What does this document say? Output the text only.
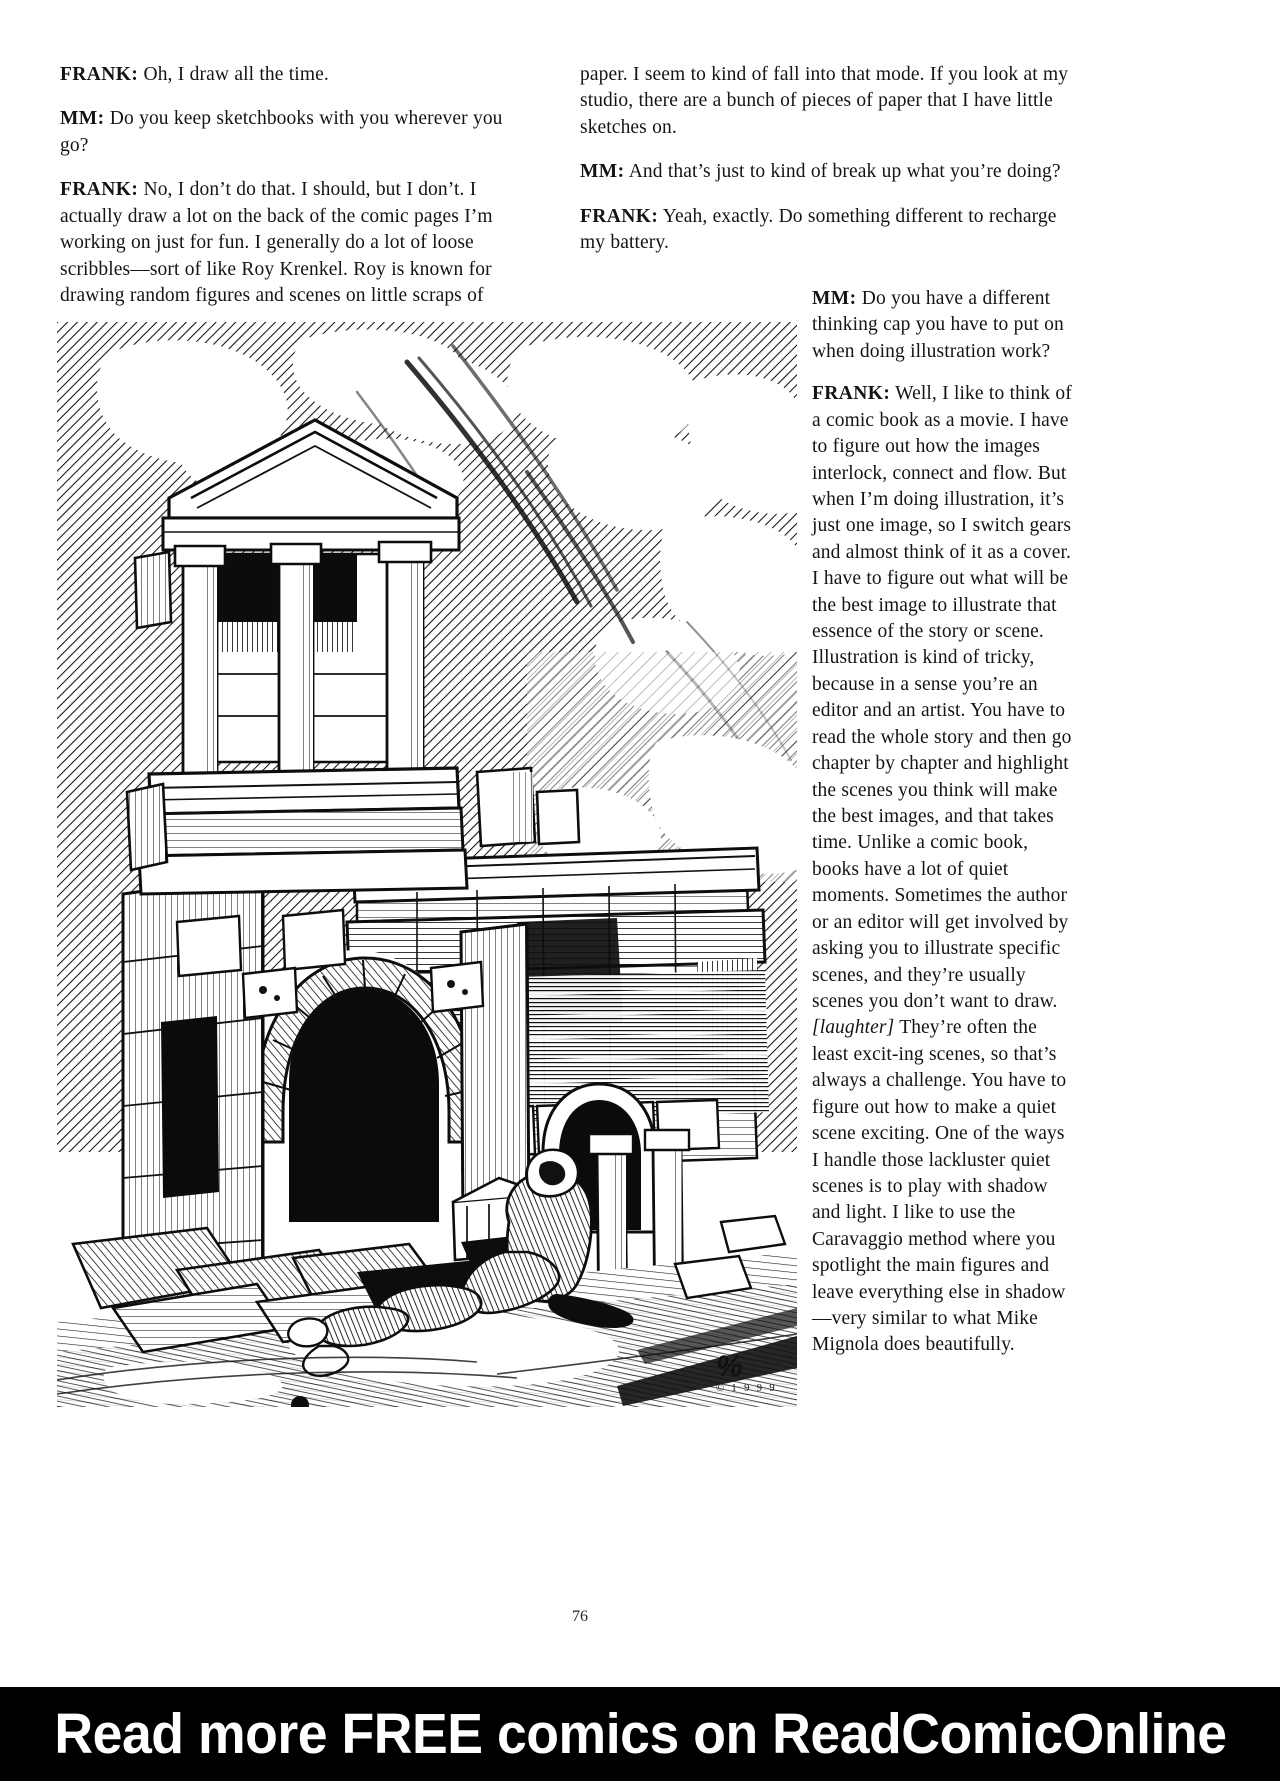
FRANK: Oh, I draw all the time.

MM: Do you keep sketchbooks with you wherever you go?

FRANK: No, I don’t do that. I should, but I don’t. I actually draw a lot on the back of the comic pages I’m working on just for fun. I generally do a lot of loose scribbles—sort of like Roy Krenkel. Roy is known for drawing random figures and scenes on little scraps of

paper. I seem to kind of fall into that mode. If you look at my studio, there are a bunch of pieces of paper that I have little sketches on.

MM: And that’s just to kind of break up what you’re doing?

FRANK: Yeah, exactly. Do something different to recharge my battery.

MM: Do you have a different thinking cap you have to put on when doing illustration work?

FRANK: Well, I like to think of a comic book as a movie. I have to figure out how the images interlock, connect and flow. But when I’m doing illustration, it’s just one image, so I switch gears and almost think of it as a cover. I have to figure out what will be the best image to illustrate that essence of the story or scene. Illustration is kind of tricky, because in a sense you’re an editor and an artist. You have to read the whole story and then go chapter by chapter and highlight the scenes you think will make the best images, and that takes time. Unlike a comic book, books have a lot of quiet moments. Sometimes the author or an editor will get involved by asking you to illustrate specific scenes, and they’re usually scenes you don’t want to draw. [laughter] They’re often the least excit-ing scenes, so that’s always a challenge. You have to figure out how to make a quiet scene exciting. One of the ways I handle those lackluster quiet scenes is to play with shadow and light. I like to use the Caravaggio method where you spotlight the main figures and leave everything else in shadow—very similar to what Mike Mignola does beautifully.

%
© 1 9 9 9
76
Read more FREE comics on ReadComicOnline
